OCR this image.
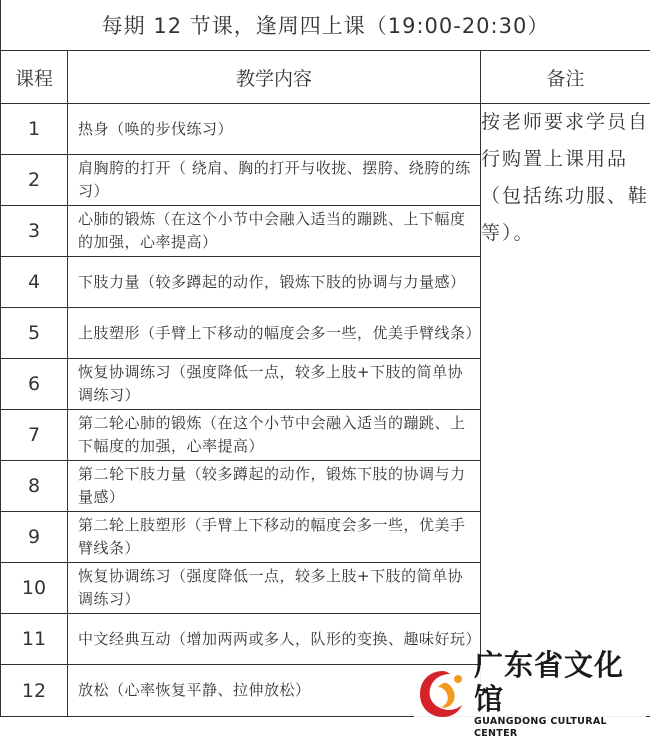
每期 12 节课，逢周四上课（19:00-20:30）
课程	教学内容	备注
1	热身（唤的步伐练习）	按老师要求学员自行购置上课用品（包括练功服、鞋等）。
2	肩胸胯的打开（ 绕肩、胸的打开与收拢、摆胯、绕胯的练习）	
3	心肺的锻炼（在这个小节中会融入适当的蹦跳、上下幅度的加强，心率提高）	
4	下肢力量（较多蹲起的动作，锻炼下肢的协调与力量感）	
5	上肢塑形（手臂上下移动的幅度会多一些，优美手臂线条）	
6	恢复协调练习（强度降低一点，较多上肢+下肢的简单协调练习）	
7	第二轮心肺的锻炼（在这个小节中会融入适当的蹦跳、上下幅度的加强，心率提高）	
8	第二轮下肢力量（较多蹲起的动作，锻炼下肢的协调与力量感）	
9	第二轮上肢塑形（手臂上下移动的幅度会多一些，优美手臂线条）	
10	恢复协调练习（强度降低一点，较多上肢+下肢的简单协调练习）	
11	中文经典互动（增加两两或多人，队形的变换、趣味好玩）	
12	放松（心率恢复平静、拉伸放松）	
广东省文化馆
GUANGDONG CULTURAL CENTER
